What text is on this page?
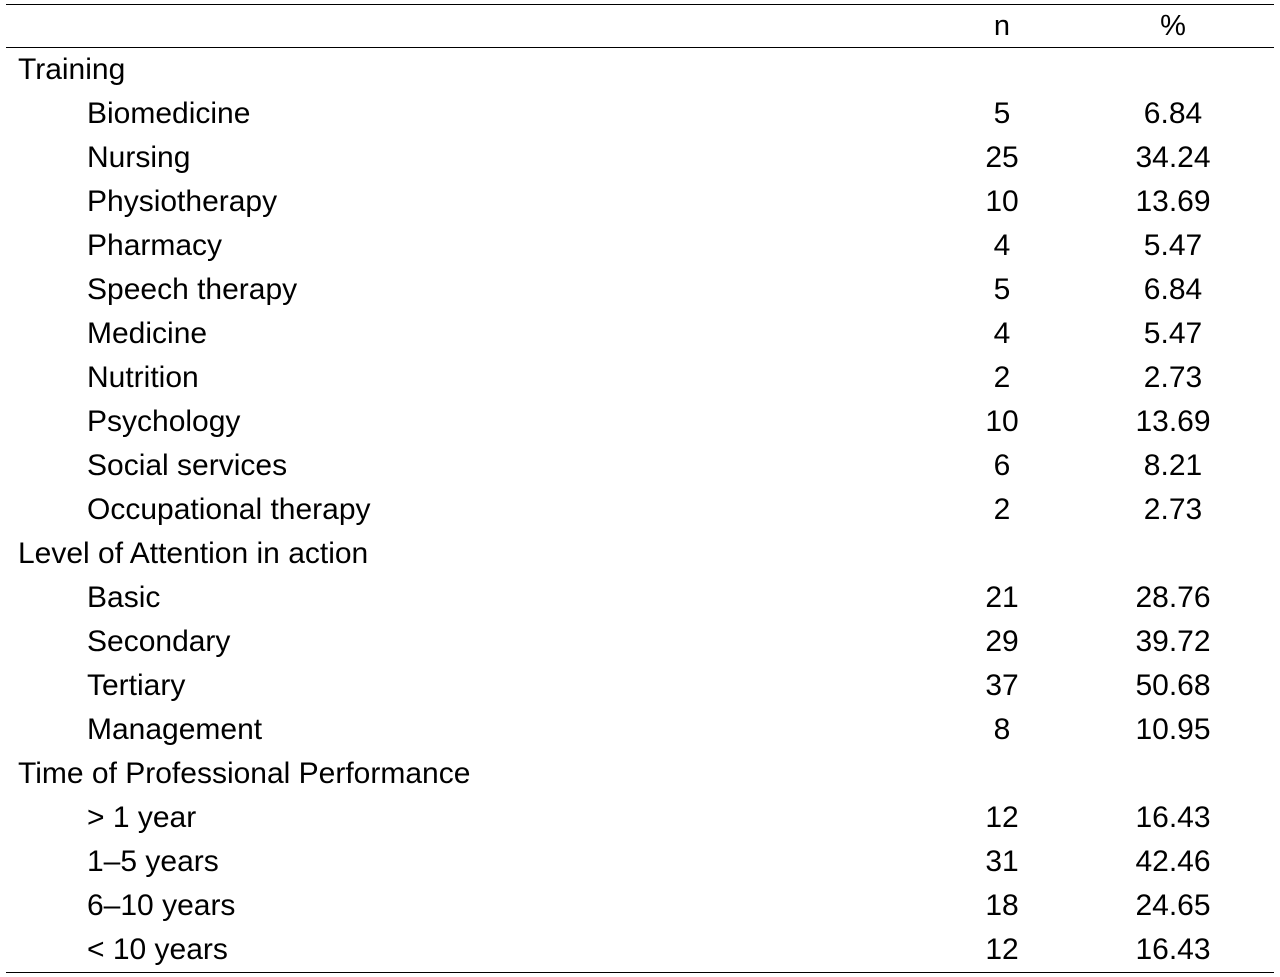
	n	%
Training		
Biomedicine	5	6.84
Nursing	25	34.24
Physiotherapy	10	13.69
Pharmacy	4	5.47
Speech therapy	5	6.84
Medicine	4	5.47
Nutrition	2	2.73
Psychology	10	13.69
Social services	6	8.21
Occupational therapy	2	2.73
Level of Attention in action		
Basic	21	28.76
Secondary	29	39.72
Tertiary	37	50.68
Management	8	10.95
Time of Professional Performance		
> 1 year	12	16.43
1–5 years	31	42.46
6–10 years	18	24.65
< 10 years	12	16.43
